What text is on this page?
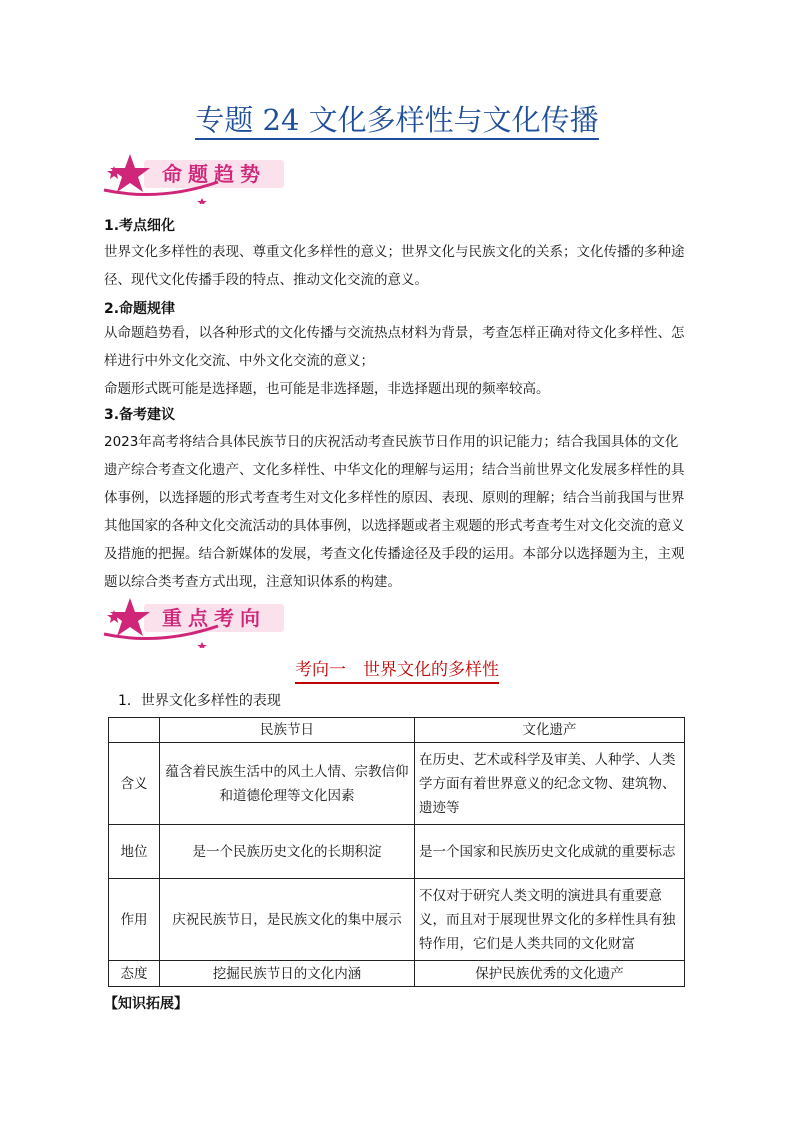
专题 24 文化多样性与文化传播
命题趋势
1.考点细化
世界文化多样性的表现、尊重文化多样性的意义；世界文化与民族文化的关系；文化传播的多种途径、现代文化传播手段的特点、推动文化交流的意义。
2.命题规律
从命题趋势看，以各种形式的文化传播与交流热点材料为背景，考查怎样正确对待文化多样性、怎样进行中外文化交流、中外文化交流的意义；
命题形式既可能是选择题，也可能是非选择题，非选择题出现的频率较高。
3.备考建议
2023年高考将结合具体民族节日的庆祝活动考查民族节日作用的识记能力；结合我国具体的文化遗产综合考查文化遗产、文化多样性、中华文化的理解与运用；结合当前世界文化发展多样性的具体事例，以选择题的形式考查考生对文化多样性的原因、表现、原则的理解；结合当前我国与世界其他国家的各种文化交流活动的具体事例，以选择题或者主观题的形式考查考生对文化交流的意义及措施的把握。结合新媒体的发展，考查文化传播途径及手段的运用。本部分以选择题为主，主观题以综合类考查方式出现，注意知识体系的构建。
重点考向
考向一　世界文化的多样性
1．世界文化多样性的表现
	民族节日	文化遗产
含义	蕴含着民族生活中的风土人情、宗教信仰和道德伦理等文化因素	在历史、艺术或科学及审美、人种学、人类学方面有着世界意义的纪念文物、建筑物、遗迹等
地位	是一个民族历史文化的长期积淀	是一个国家和民族历史文化成就的重要标志
作用	庆祝民族节日，是民族文化的集中展示	不仅对于研究人类文明的演进具有重要意义，而且对于展现世界文化的多样性具有独特作用，它们是人类共同的文化财富
态度	挖掘民族节日的文化内涵	保护民族优秀的文化遗产
【知识拓展】
